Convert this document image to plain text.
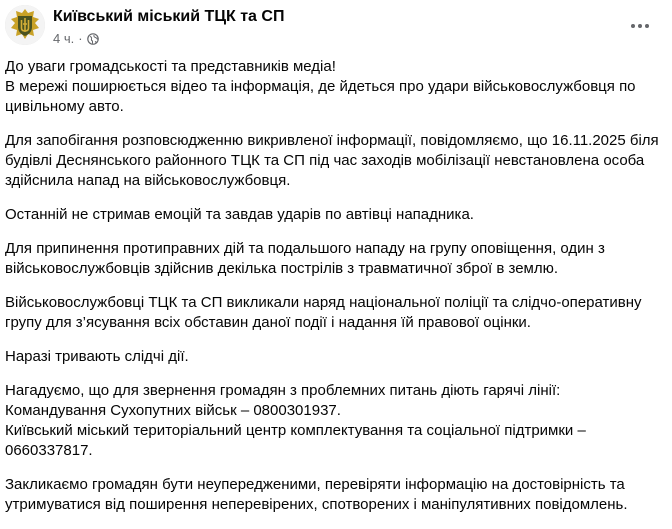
Київський міський ТЦК та СП
4 ч. ·

До уваги громадськості та представників медіа!
В мережі поширюється відео та інформація, де йдеться про удари військовослужбовця по цивільному авто.

Для запобігання розповсюдженню викривленої інформації, повідомляємо, що 16.11.2025 біля будівлі Деснянського районного ТЦК та СП під час заходів мобілізації невстановлена особа здійснила напад на військовослужбовця.

Останній не стримав емоцій та завдав ударів по автівці нападника.

Для припинення протиправних дій та подальшого нападу на групу оповіщення, один з військовослужбовців здійснив декілька пострілів з травматичної зброї в землю.

Військовослужбовці ТЦК та СП викликали наряд національної поліції та слідчо-оперативну групу для з’ясування всіх обставин даної події і надання їй правової оцінки.

Наразі тривають слідчі дії.

Нагадуємо, що для звернення громадян з проблемних питань діють гарячі лінії:
Командування Сухопутних військ – 0800301937.
Київський міський територіальний центр комплектування та соціальної підтримки – 0660337817.

Закликаємо громадян бути неупередженими, перевіряти інформацію на достовірність та утримуватися від поширення неперевірених, спотворених і маніпулятивних повідомлень.
